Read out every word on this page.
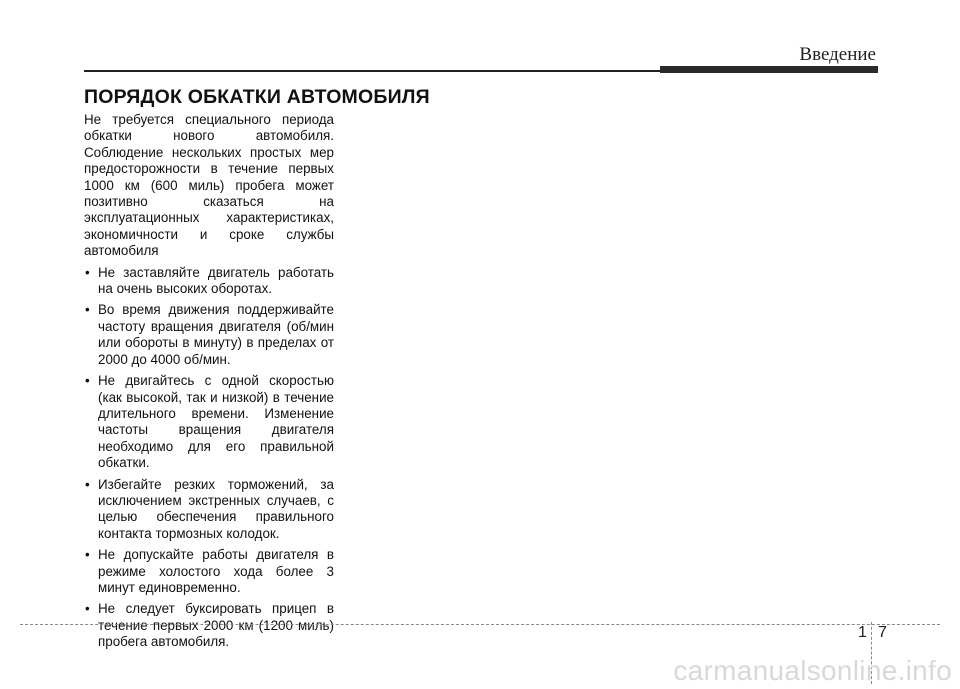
Введение
ПОРЯДОК ОБКАТКИ АВТОМОБИЛЯ

Не требуется специального периода обкатки нового автомобиля. Соблюдение нескольких простых мер предосторожности в течение первых 1000 км (600 миль) пробега может позитивно сказаться на эксплуатационных характеристиках, экономичности и сроке службы автомобиля

• Не заставляйте двигатель работать на очень высоких оборотах.
• Во время движения поддерживайте частоту вращения двигателя (об/мин или обороты в минуту) в пределах от 2000 до 4000 об/мин.
• Не двигайтесь с одной скоростью (как высокой, так и низкой) в течение длительного времени. Изменение частоты вращения двигателя необходимо для его правильной обкатки.
• Избегайте резких торможений, за исключением экстренных случаев, с целью обеспечения правильного контакта тормозных колодок.
• Не допускайте работы двигателя в режиме холостого хода более 3 минут единовременно.
• Не следует буксировать прицеп в течение первых 2000 км (1200 миль) пробега автомобиля.
1 7
carmanualsonline.info
